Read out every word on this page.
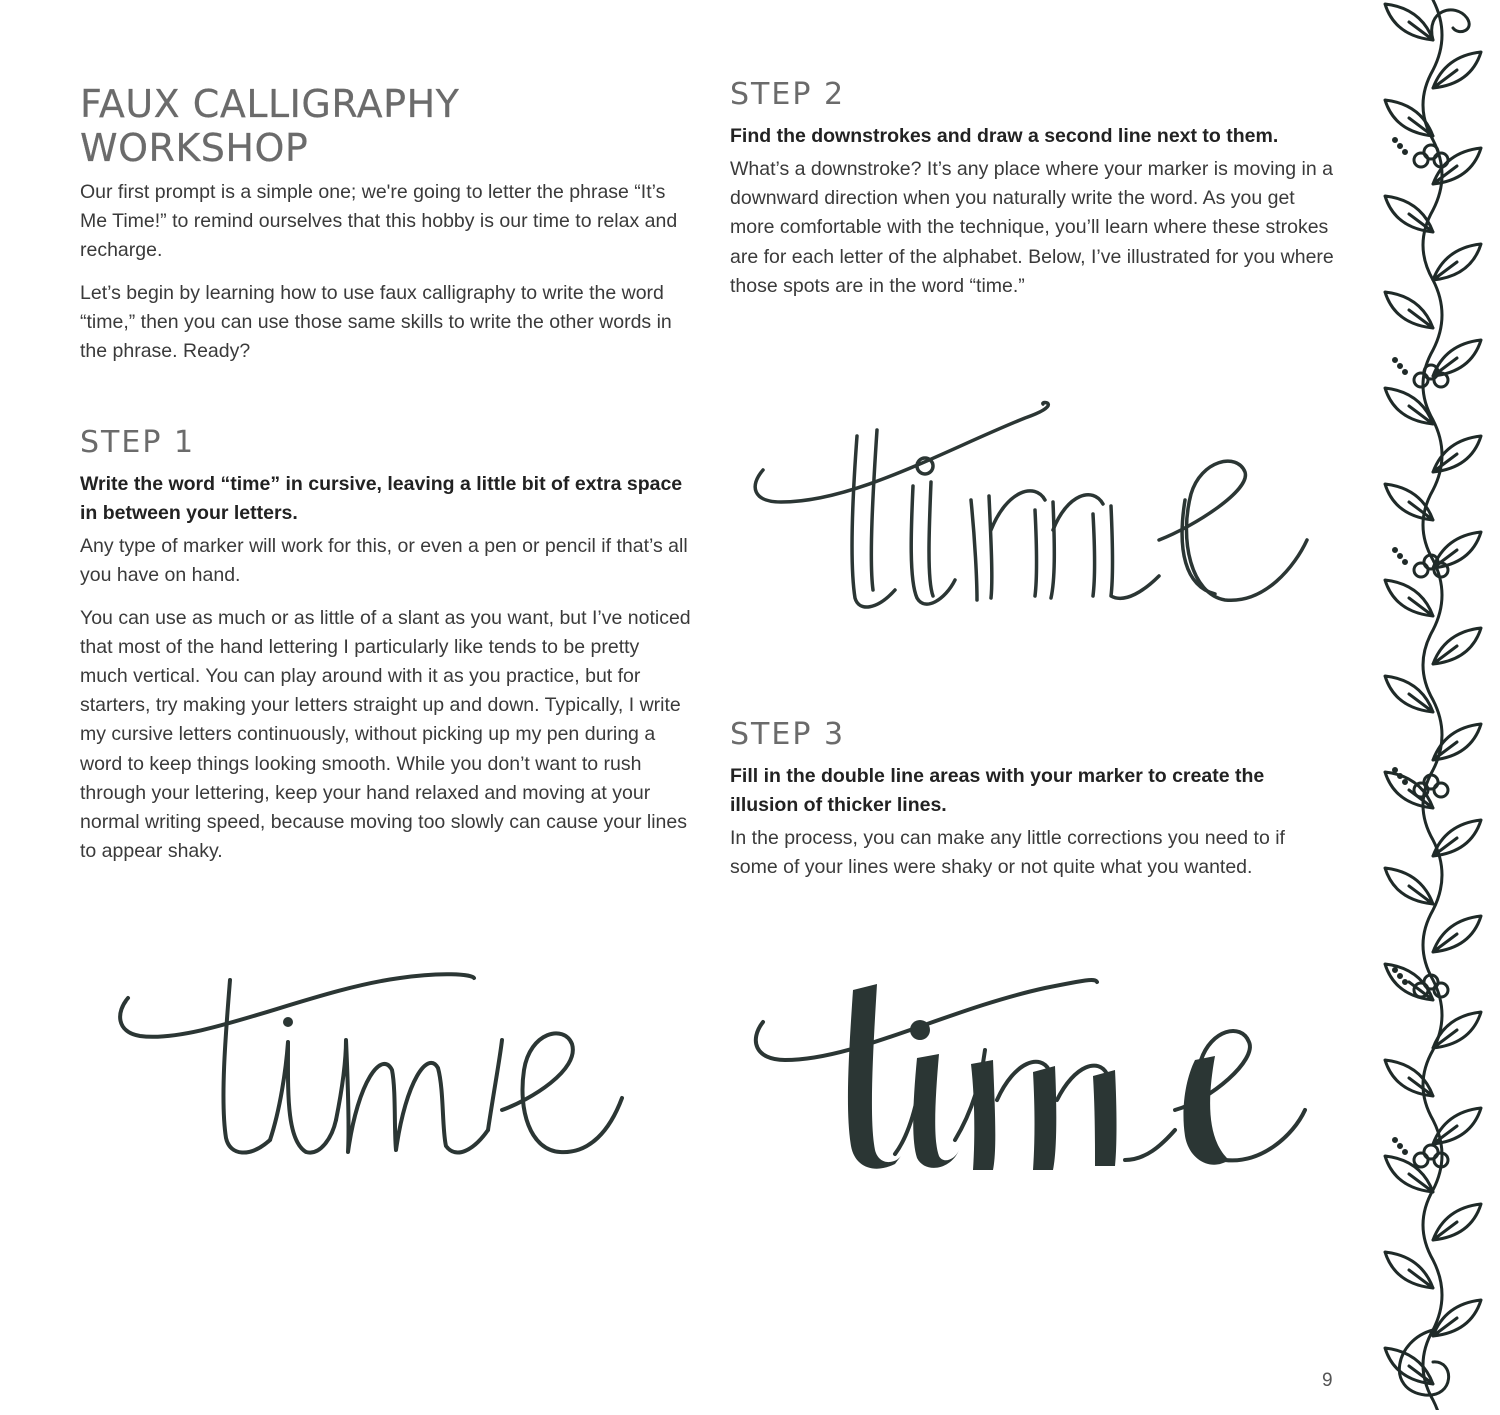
FAUX CALLIGRAPHY
WORKSHOP

Our first prompt is a simple one; we're going to letter the phrase “It’s Me Time!” to remind ourselves that this hobby is our time to relax and recharge.

Let’s begin by learning how to use faux calligraphy to write the word “time,” then you can use those same skills to write the other words in the phrase. Ready?

STEP 1

Write the word “time” in cursive, leaving a little bit of extra space in between your letters.

Any type of marker will work for this, or even a pen or pencil if that’s all you have on hand.

You can use as much or as little of a slant as you want, but I’ve noticed that most of the hand lettering I particularly like tends to be pretty much vertical. You can play around with it as you practice, but for starters, try making your letters straight up and down. Typically, I write my cursive letters continuously, without picking up my pen during a word to keep things looking smooth. While you don’t want to rush through your lettering, keep your hand relaxed and moving at your normal writing speed, because moving too slowly can cause your lines to appear shaky.

STEP 2

Find the downstrokes and draw a second line next to them.

What’s a downstroke? It’s any place where your marker is moving in a downward direction when you naturally write the word. As you get more comfortable with the technique, you’ll learn where these strokes are for each letter of the alphabet. Below, I’ve illustrated for you where those spots are in the word “time.”

STEP 3

Fill in the double line areas with your marker to create the illusion of thicker lines.

In the process, you can make any little corrections you need to if some of your lines were shaky or not quite what you wanted.

9
